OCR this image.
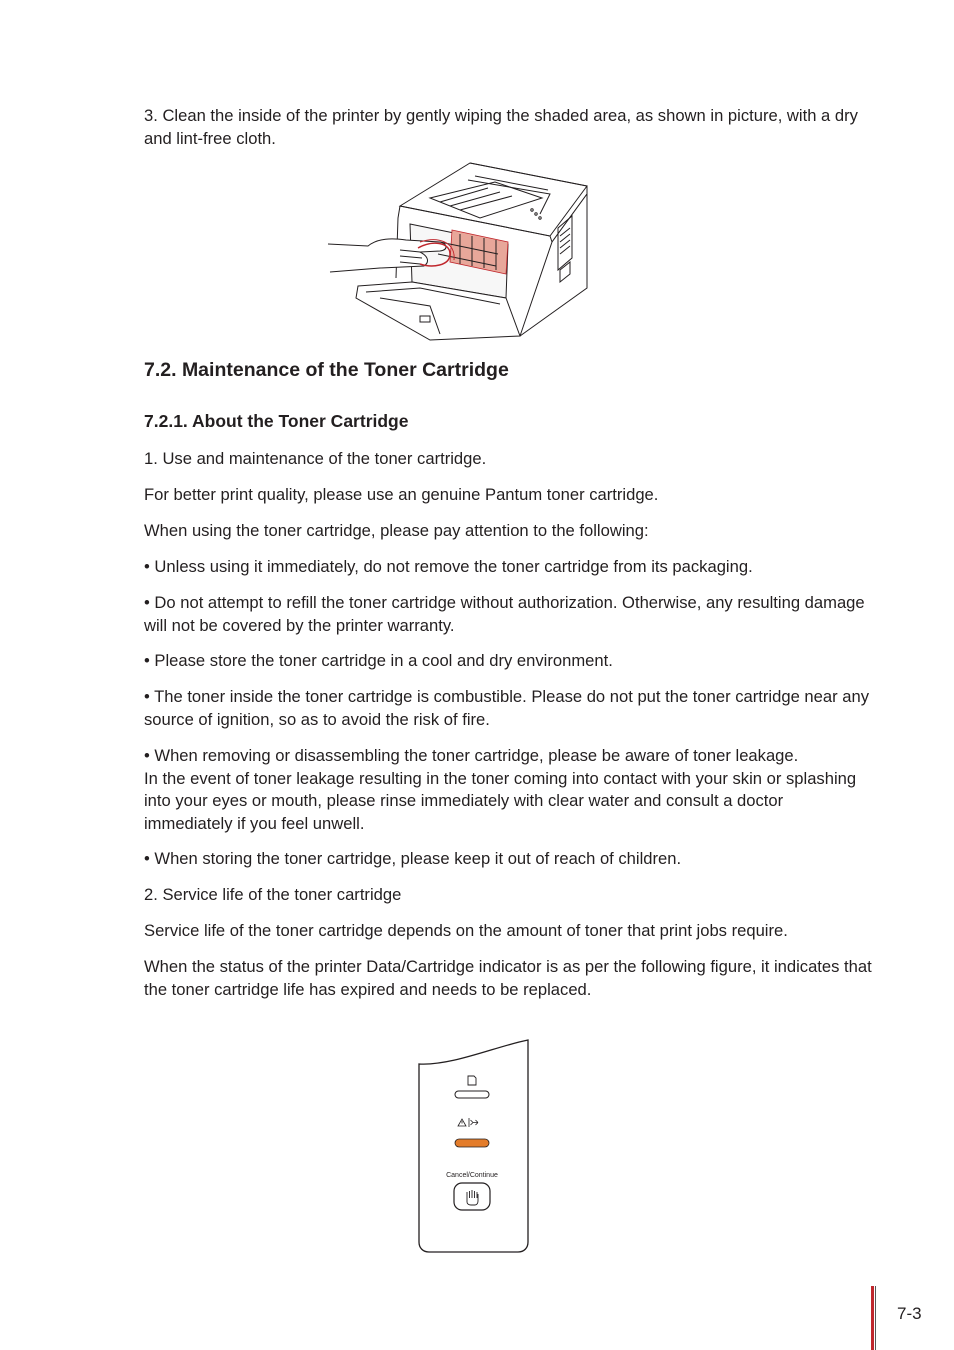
3. Clean the inside of the printer by gently wiping the shaded area, as shown in picture, with a dry and lint-free cloth.

7.2. Maintenance of the Toner Cartridge
7.2.1. About the Toner Cartridge

1. Use and maintenance of the toner cartridge.

For better print quality, please use an genuine Pantum toner cartridge.

When using the toner cartridge, please pay attention to the following:

• Unless using it immediately, do not remove the toner cartridge from its packaging.

• Do not attempt to refill the toner cartridge without authorization. Otherwise, any resulting damage will not be covered by the printer warranty.

• Please store the toner cartridge in a cool and dry environment.

• The toner inside the toner cartridge is combustible. Please do not put the toner cartridge near any source of ignition, so as to avoid the risk of fire.

• When removing or disassembling the toner cartridge, please be aware of toner leakage.
In the event of toner leakage resulting in the toner coming into contact with your skin or splashing into your eyes or mouth, please rinse immediately with clear water and consult a doctor immediately if you feel unwell.

• When storing the toner cartridge, please keep it out of reach of children.

2. Service life of the toner cartridge

Service life of the toner cartridge depends on the amount of toner that print jobs require.

When the status of the printer Data/Cartridge indicator is as per the following figure, it indicates that the toner cartridge life has expired and needs to be replaced.

Cancel/Continue
7-3
